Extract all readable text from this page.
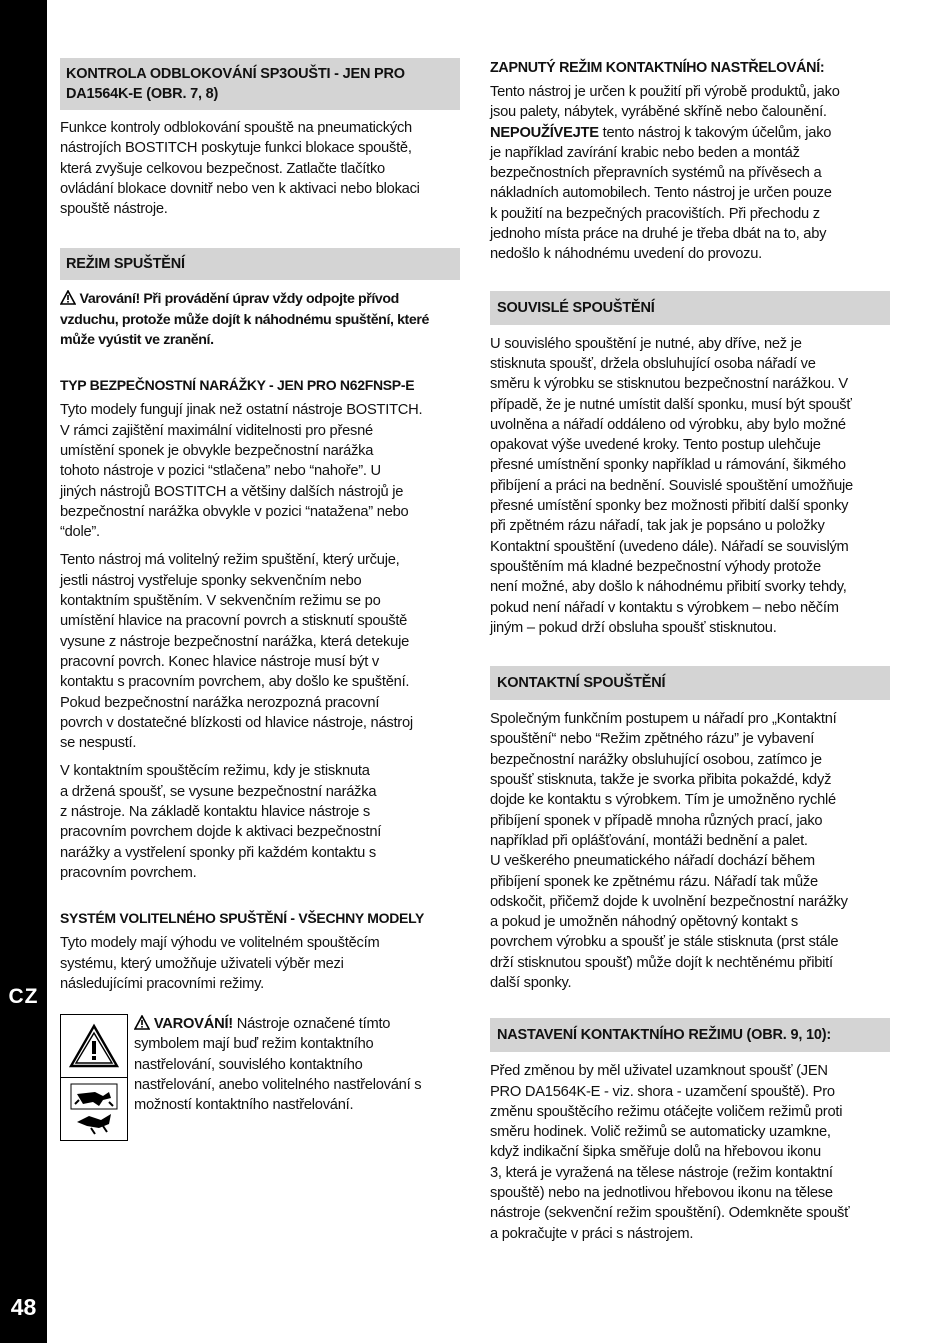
CZ
48
KONTROLA ODBLOKOVÁNÍ SP3OUŠTI - JEN PRO
DA1564K-E (OBR. 7, 8)
Funkce kontroly odblokování spouště na pneumatických
nástrojích BOSTITCH poskytuje funkci blokace spouště,
která zvyšuje celkovou bezpečnost. Zatlačte tlačítko
ovládání blokace dovnitř nebo ven k aktivaci nebo blokaci
spouště nástroje.
REŽIM SPUŠTĚNÍ
Varování! Při provádění úprav vždy odpojte přívod
vzduchu, protože může dojít k náhodnému spuštění, které
může vyústit ve zranění.
TYP BEZPEČNOSTNÍ NARÁŽKY - JEN PRO N62FNSP-E
Tyto modely fungují jinak než ostatní nástroje BOSTITCH.
V rámci zajištění maximální viditelnosti pro přesné
umístění sponek je obvykle bezpečnostní narážka
tohoto nástroje v pozici “stlačena” nebo “nahoře”. U
jiných nástrojů BOSTITCH a většiny dalších nástrojů je
bezpečnostní narážka obvykle v pozici “natažena” nebo
“dole”.
Tento nástroj má volitelný režim spuštění, který určuje,
jestli nástroj vystřeluje sponky sekvenčním nebo
kontaktním spuštěním. V sekvenčním režimu se po
umístění hlavice na pracovní povrch a stisknutí spouště
vysune z nástroje bezpečnostní narážka, která detekuje
pracovní povrch. Konec hlavice nástroje musí být v
kontaktu s pracovním povrchem, aby došlo ke spuštění.
Pokud bezpečnostní narážka nerozpozná pracovní
povrch v dostatečné blízkosti od hlavice nástroje, nástroj
se nespustí.
V kontaktním spouštěcím režimu, kdy je stisknuta
a držená spoušť, se vysune bezpečnostní narážka
z nástroje. Na základě kontaktu hlavice nástroje s
pracovním povrchem dojde k aktivaci bezpečnostní
narážky a vystřelení sponky při každém kontaktu s
pracovním povrchem.
SYSTÉM VOLITELNÉHO SPUŠTĚNÍ - VŠECHNY MODELY
Tyto modely mají výhodu ve volitelném spouštěcím
systému, který umožňuje uživateli výběr mezi
následujícími pracovními režimy.
VAROVÁNÍ! Nástroje označené tímto
symbolem mají buď režim kontaktního
nastřelování, souvislého kontaktního
nastřelování, anebo volitelného nastřelování s
možností kontaktního nastřelování.
ZAPNUTÝ REŽIM KONTAKTNÍHO NASTŘELOVÁNÍ:
Tento nástroj je určen k použití při výrobě produktů, jako
jsou palety, nábytek, vyráběné skříně nebo čalounění.
NEPOUŽÍVEJTE tento nástroj k takovým účelům, jako
je například zavírání krabic nebo beden a montáž
bezpečnostních přepravních systémů na přívěsech a
nákladních automobilech. Tento nástroj je určen pouze
k použití na bezpečných pracovištích. Při přechodu z
jednoho místa práce na druhé je třeba dbát na to, aby
nedošlo k náhodnému uvedení do provozu.
SOUVISLÉ SPOUŠTĚNÍ
U souvislého spouštění je nutné, aby dříve, než je
stisknuta spoušť, držela obsluhující osoba nářadí ve
směru k výrobku se stisknutou bezpečnostní narážkou. V
případě, že je nutné umístit další sponku, musí být spoušť
uvolněna a nářadí oddáleno od výrobku, aby bylo možné
opakovat výše uvedené kroky. Tento postup ulehčuje
přesné umístnění sponky například u rámování, šikmého
přibíjení a práci na bednění. Souvislé spouštění umožňuje
přesné umístění sponky bez možnosti přibití další sponky
při zpětném rázu nářadí, tak jak je popsáno u položky
Kontaktní spouštění (uvedeno dále). Nářadí se souvislým
spouštěním má kladné bezpečnostní výhody protože
není možné, aby došlo k náhodnému přibití svorky tehdy,
pokud není nářadí v kontaktu s výrobkem – nebo něčím
jiným – pokud drží obsluha spoušť stisknutou.
KONTAKTNÍ SPOUŠTĚNÍ
Společným funkčním postupem u nářadí pro „Kontaktní
spouštění“ nebo “Režim zpětného rázu” je vybavení
bezpečnostní narážky obsluhující osobou, zatímco je
spoušť stisknuta, takže je svorka přibita pokaždé, když
dojde ke kontaktu s výrobkem. Tím je umožněno rychlé
přibíjení sponek v případě mnoha různých prací, jako
například při oplášťování, montáži bednění a palet.
U veškerého pneumatického nářadí dochází během
přibíjení sponek ke zpětnému rázu. Nářadí tak může
odskočit, přičemž dojde k uvolnění bezpečnostní narážky
a pokud je umožněn náhodný opětovný kontakt s
povrchem výrobku a spoušť je stále stisknuta (prst stále
drží stisknutou spoušť) může dojít k nechtěnému přibití
další sponky.
NASTAVENÍ KONTAKTNÍHO REŽIMU (OBR. 9, 10):
Před změnou by měl uživatel uzamknout spoušť (JEN
PRO DA1564K-E - viz. shora - uzamčení spouště). Pro
změnu spouštěcího režimu otáčejte voličem režimů proti
směru hodinek. Volič režimů se automaticky uzamkne,
když indikační šipka směřuje dolů na hřebovou ikonu
3, která je vyražená na tělese nástroje (režim kontaktní
spouště) nebo na jednotlivou hřebovou ikonu na tělese
nástroje (sekvenční režim spouštění). Odemkněte spoušť
a pokračujte v práci s nástrojem.
